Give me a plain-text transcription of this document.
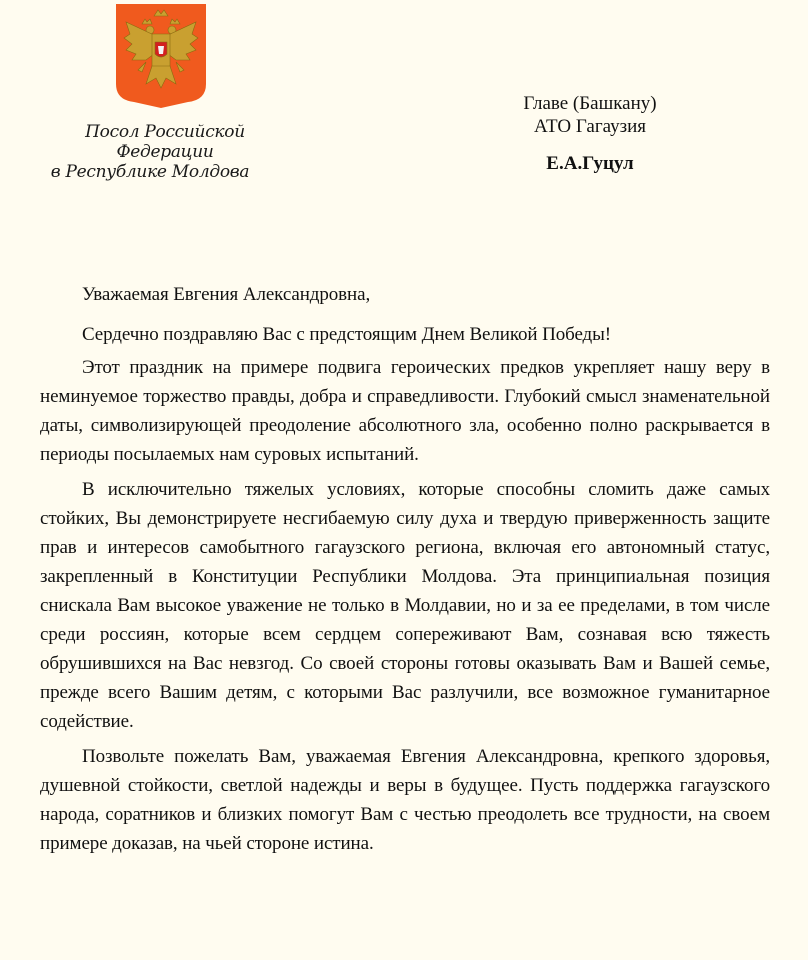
Посол Российской Федерации
в Республике Молдова
Главе (Башкану)
АТО Гагаузия
Е.А.Гуцул

Уважаемая Евгения Александровна,

Сердечно поздравляю Вас с предстоящим Днем Великой Победы!

Этот праздник на примере подвига героических предков укрепляет нашу веру в неминуемое торжество правды, добра и справедливости. Глубокий смысл знаменательной даты, символизирующей преодоление абсолютного зла, особенно полно раскрывается в периоды посылаемых нам суровых испытаний.

В исключительно тяжелых условиях, которые способны сломить даже самых стойких, Вы демонстрируете несгибаемую силу духа и твердую приверженность защите прав и интересов самобытного гагаузского региона, включая его автономный статус, закрепленный в Конституции Республики Молдова. Эта принципиальная позиция снискала Вам высокое уважение не только в Молдавии, но и за ее пределами, в том числе среди россиян, которые всем сердцем сопереживают Вам, сознавая всю тяжесть обрушившихся на Вас невзгод. Со своей стороны готовы оказывать Вам и Вашей семье, прежде всего Вашим детям, с которыми Вас разлучили, все возможное гуманитарное содействие.

Позвольте пожелать Вам, уважаемая Евгения Александровна, крепкого здоровья, душевной стойкости, светлой надежды и веры в будущее. Пусть поддержка гагаузского народа, соратников и близких помогут Вам с честью преодолеть все трудности, на своем примере доказав, на чьей стороне истина.
